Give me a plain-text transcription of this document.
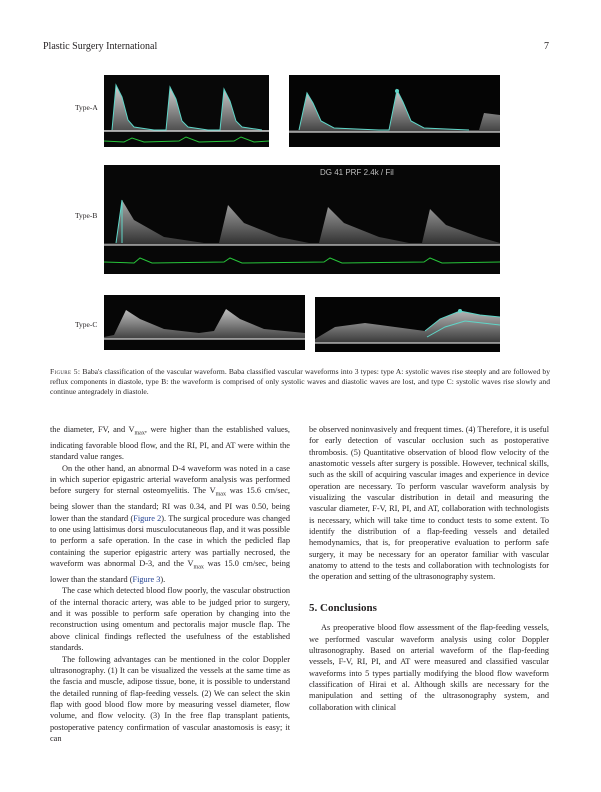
Plastic Surgery International	7
Type-A
Type-B
Type-C
DG 41 PRF 2.4k / Fil
Figure 5: Baba's classification of the vascular waveform. Baba classified vascular waveforms into 3 types: type A: systolic waves rise steeply and are followed by reflux components in diastole, type B: the waveform is comprised of only systolic waves and diastolic waves are lost, and type C: systolic waves rise slowly and continue antegradely in diastole.

the diameter, FV, and $V_{max}$, were higher than the established values, indicating favorable blood flow, and the RI, PI, and AT were within the standard value ranges.

On the other hand, an abnormal D-4 waveform was noted in a case in which superior epigastric arterial waveform analysis was performed before surgery for sternal osteomyelitis. The $V_{max}$ was 15.6 cm/sec, being slower than the standard; RI was 0.34, and PI was 0.50, being lower than the standard (Figure 2). The surgical procedure was changed to one using lattisimus dorsi musculocutaneous flap, and it was possible to perform a safe operation. In the case in which the pedicled flap containing the superior epigastric artery was partially necrosed, the waveform was abnormal D-3, and the $V_{max}$ was 15.0 cm/sec, being lower than the standard (Figure 3).

The case which detected blood flow poorly, the vascular obstruction of the internal thoracic artery, was able to be judged prior to surgery, and it was possible to perform safe operation by changing into the reconstruction using omentum and pectoralis major muscle flap. The above clinical findings reflected the usefulness of the established standards.

The following advantages can be mentioned in the color Doppler ultrasonography. (1) It can be visualized the vessels at the same time as the fascia and muscle, adipose tissue, bone, it is possible to understand the detailed running of flap-feeding vessels. (2) We can select the skin flap with good blood flow more by measuring vessel diameter, flow volume, and flow velocity. (3) In the free flap transplant patients, postoperative patency confirmation of vascular anastomosis is easy; it can

be observed noninvasively and frequent times. (4) Therefore, it is useful for early detection of vascular occlusion such as postoperative thrombosis. (5) Quantitative observation of blood flow velocity of the anastomotic vessels after surgery is possible. However, technical skills, such as the skill of acquiring vascular images and experience in device operation are necessary. To perform vascular waveform analysis by visualizing the vascular distribution in detail and measuring the vascular diameter, F-V, RI, PI, and AT, collaboration with technologists is necessary, which will take time to conduct tests to some extent. To identify the distribution of a flap-feeding vessels and detailed hemodynamics, that is, for preoperative evaluation to perform safe surgery, it may be necessary for an operator familiar with vascular anatomy to attend to the tests and collaboration with technologists for the operation and setting of the ultrasonography system.

5. Conclusions

As preoperative blood flow assessment of the flap-feeding vessels, we performed vascular waveform analysis using color Doppler ultrasonography. Based on arterial waveform of the flap-feeding vessels, F-V, RI, PI, and AT were measured and classified vascular waveforms into 5 types partially modifying the blood flow waveform classification of Hirai et al. Although skills are necessary for the manipulation and setting of the ultrasonography system, and collaboration with clinical
